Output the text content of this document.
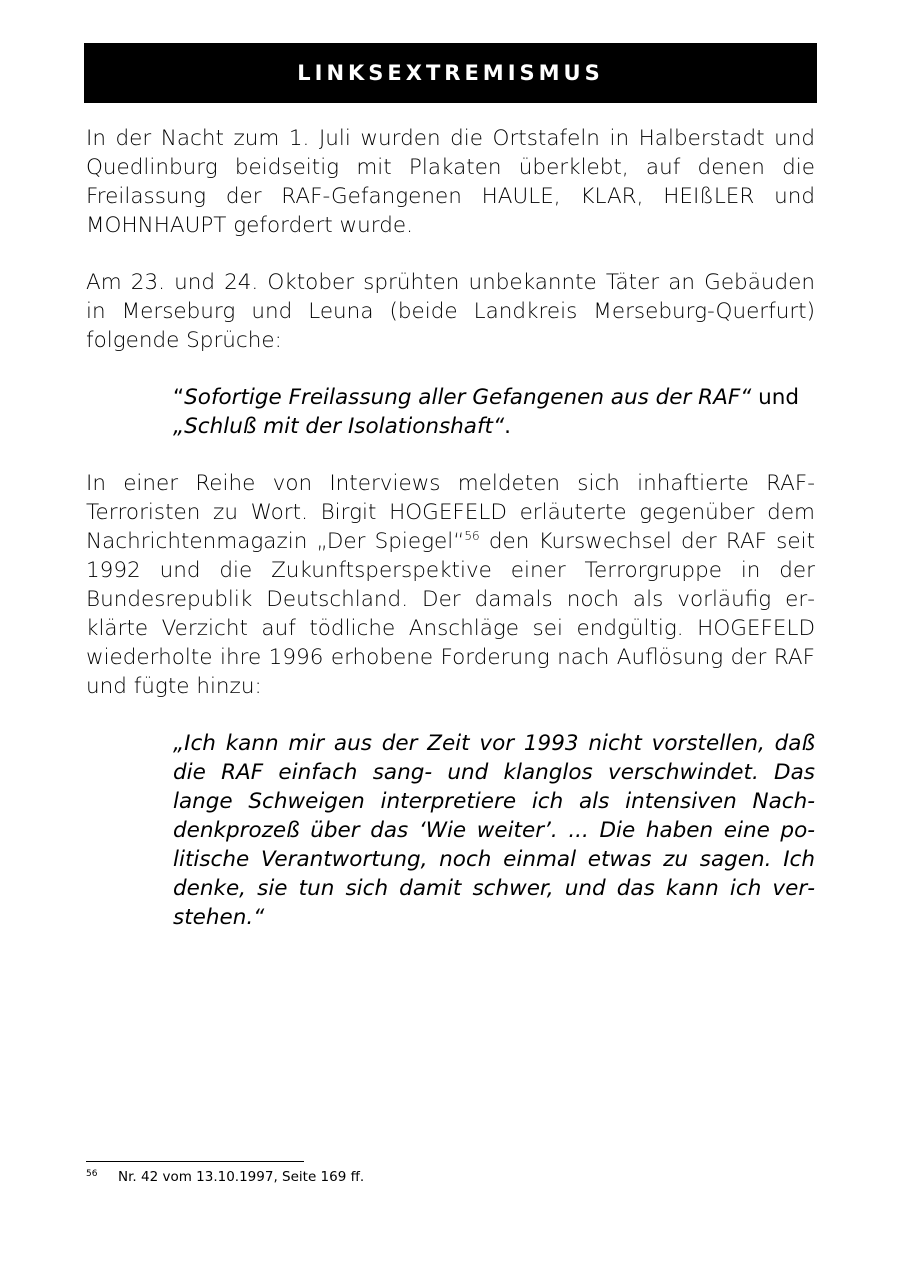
LINKSEXTREMISMUS

In der Nacht zum 1. Juli wurden die Ortstafeln in Halberstadt und Quedlinburg beidseitig mit Plakaten überklebt, auf denen die Freilassung der RAF-Gefangenen HAULE, KLAR, HEIßLER und MOHNHAUPT gefordert wurde.

Am 23. und 24. Oktober sprühten unbekannte Täter an Gebäuden in Merseburg und Leuna (beide Landkreis Merseburg-Querfurt) folgende Sprüche:

“Sofortige Freilassung aller Gefangenen aus der RAF“ und
„Schluß mit der Isolationshaft“.

In einer Reihe von Interviews meldeten sich inhaftierte RAF-Terroristen zu Wort. Birgit HOGEFELD erläuterte gegenüber dem Nachrichtenmagazin „Der Spiegel“$^{56}$ den Kurswechsel der RAF seit 1992 und die Zukunftsperspektive einer Terrorgruppe in der Bundesrepublik Deutschland. Der damals noch als vorläufig erklärte Verzicht auf tödliche Anschläge sei endgültig. HOGEFELD wiederholte ihre 1996 erhobene Forderung nach Auflösung der RAF und fügte hinzu:

„Ich kann mir aus der Zeit vor 1993 nicht vorstellen, daß die RAF einfach sang- und klanglos verschwindet. Das lange Schweigen interpretiere ich als intensiven Nachdenkprozeß über das ‘Wie weiter’. ... Die haben eine politische Verantwortung, noch einmal etwas zu sagen. Ich denke, sie tun sich damit schwer, und das kann ich verstehen.“

56	Nr. 42 vom 13.10.1997, Seite 169 ff.
